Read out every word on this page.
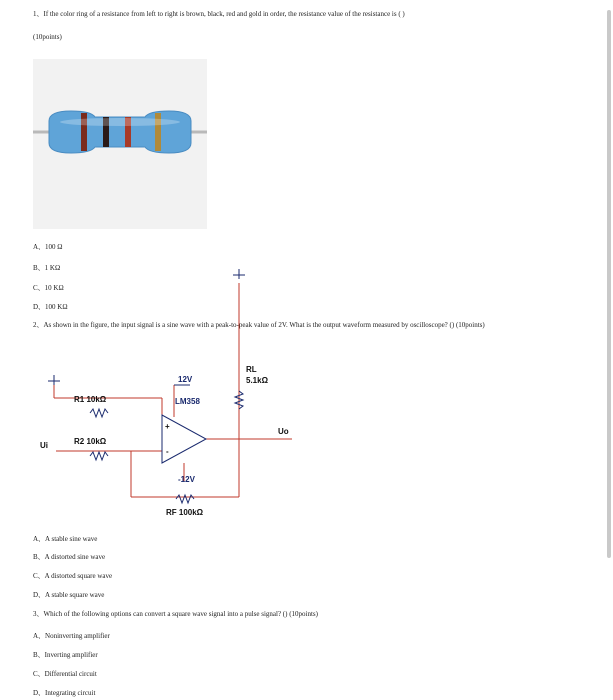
1、If the color ring of a resistance from left to right is brown, black, red and gold in order, the resistance value of the resistance is ( )
(10points)
A、100 Ω
B、1 KΩ
C、10 KΩ
D、100 KΩ
2、As shown in the figure, the input signal is a sine wave with a peak-to-peak value of 2V. What is the output waveform measured by oscilloscope? () (10points)
12V
LM358
-12V
R1 10kΩ
R2 10kΩ
RL
5.1kΩ
RF 100kΩ
Ui
Uo
+
-
A、A stable sine wave
B、A distorted sine wave
C、A distorted square wave
D、A stable square wave
3、Which of the following options can convert a square wave signal into a pulse signal? () (10points)
A、Noninverting amplifier
B、Inverting amplifier
C、Differential circuit
D、Integrating circuit
